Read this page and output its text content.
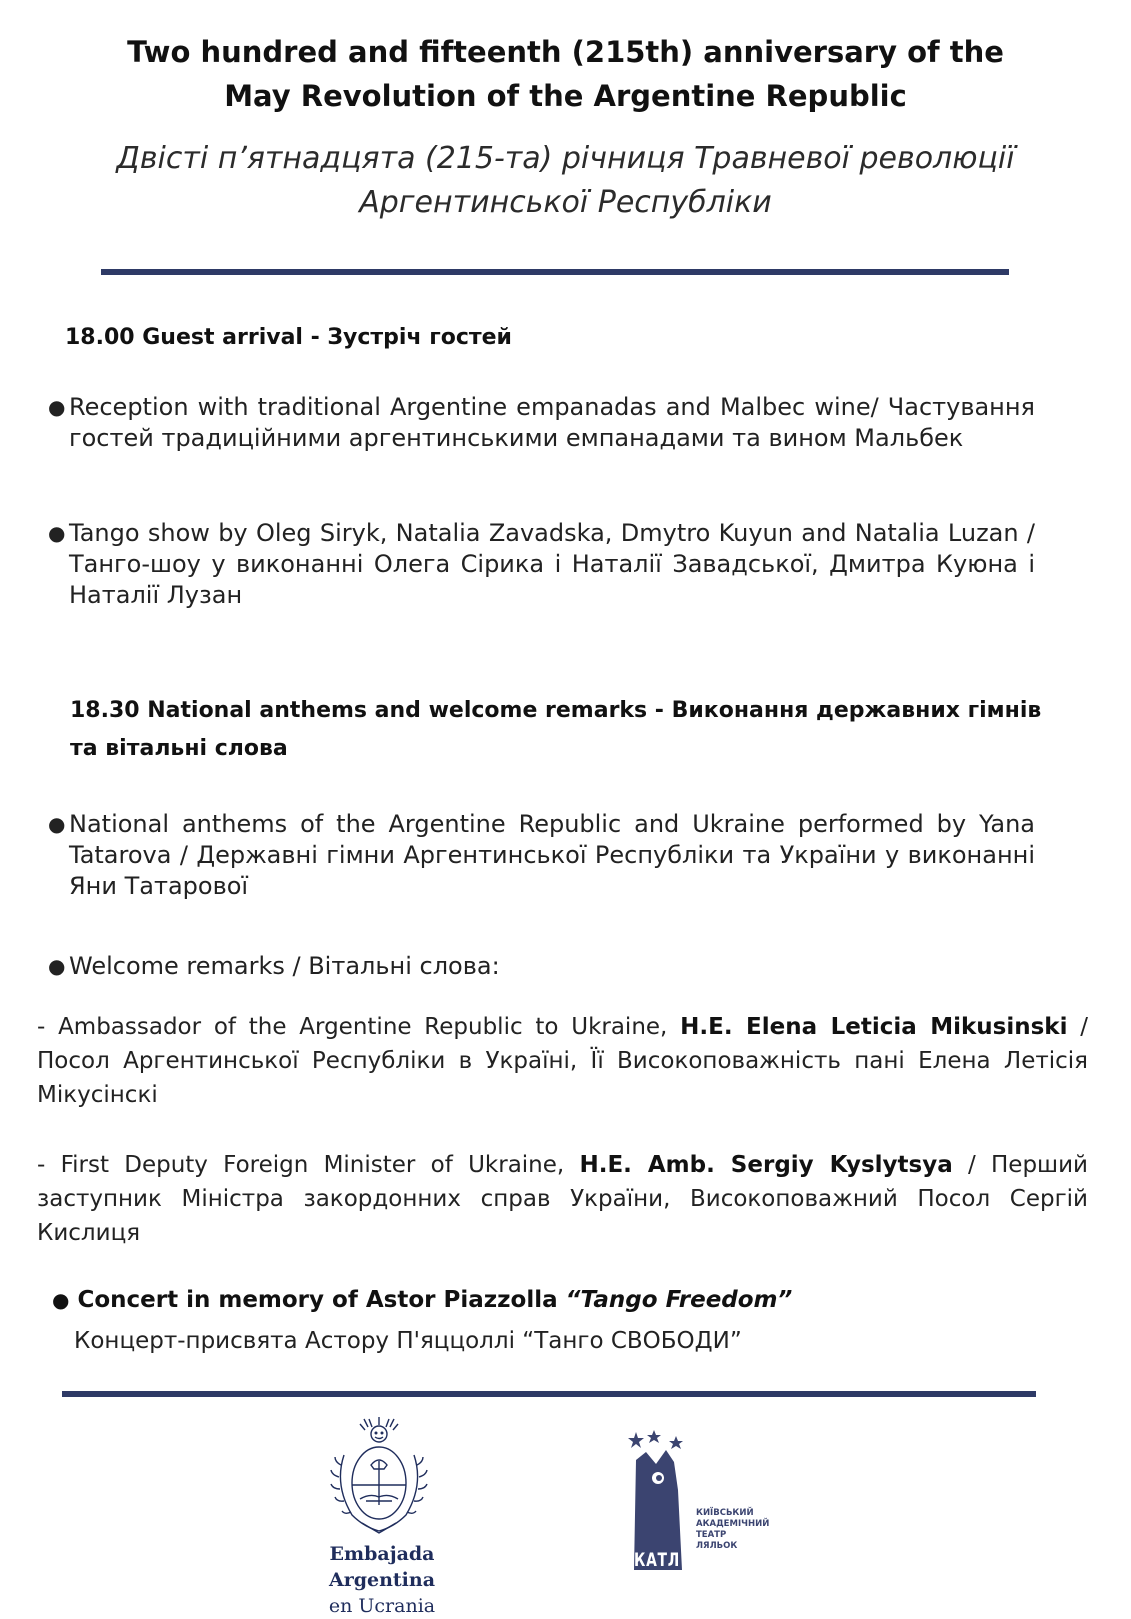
Two hundred and fifteenth (215th) anniversary of the
May Revolution of the Argentine Republic
Двісті п’ятнадцята (215-та) річниця Травневої революції
Аргентинської Республіки
18.00 Guest arrival - Зустріч гостей
● Reception with traditional Argentine empanadas and Malbec wine/ Частування гостей традиційними аргентинськими емпанадами та вином Мальбек
● Tango show by Oleg Siryk, Natalia Zavadska, Dmytro Kuyun and Natalia Luzan / Танго-шоу у виконанні Олега Сірика і Наталії Завадської, Дмитра Куюна і Наталії Лузан
18.30 National anthems and welcome remarks - Виконання державних гімнів та вітальні слова
● National anthems of the Argentine Republic and Ukraine performed by Yana Tatarova / Державні гімни Аргентинської Республіки та України у виконанні Яни Татарової
● Welcome remarks / Вітальні слова:
- Ambassador of the Argentine Republic to Ukraine, H.E. Elena Leticia Mikusinski / Посол Аргентинської Республіки в Україні, Її Високоповажність пані Елена Летісія Мікусінскі
- First Deputy Foreign Minister of Ukraine, H.E. Amb. Sergiy Kyslytsya / Перший заступник Міністра закордонних справ України, Високоповажний Посол Сергій Кислиця
● Concert in memory of Astor Piazzolla “Tango Freedom”
Концерт-присвята Астору П'яццоллі “Танго СВОБОДИ”
Embajada Argentina
en Ucrania
КАТЛ
КИЇВСЬКИЙ
АКАДЕМІЧНИЙ
ТЕАТР
ЛЯЛЬОК
